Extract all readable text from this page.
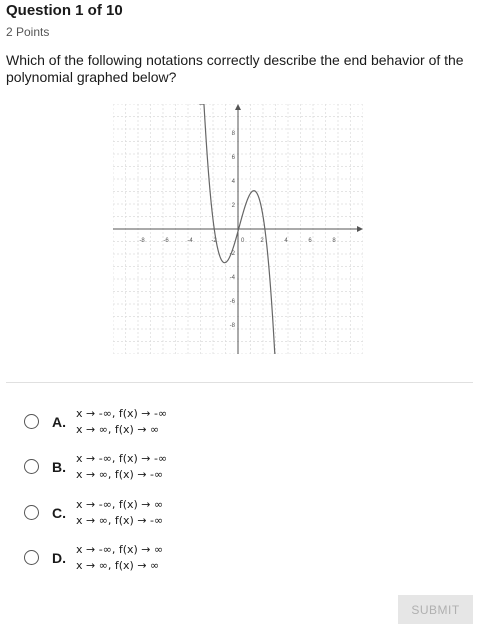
Question 1 of 10
2 Points
Which of the following notations correctly describe the end behavior of the polynomial graphed below?
-8	-6	-4	-2	0	2	4	6	8
8
6
4
2
-2
-4
-6
-8
A.
x → -∞, f(x) → -∞
x → ∞, f(x) → ∞
B.
x → -∞, f(x) → -∞
x → ∞, f(x) → -∞
C.
x → -∞, f(x) → ∞
x → ∞, f(x) → -∞
D.
x → -∞, f(x) → ∞
x → ∞, f(x) → ∞
SUBMIT
